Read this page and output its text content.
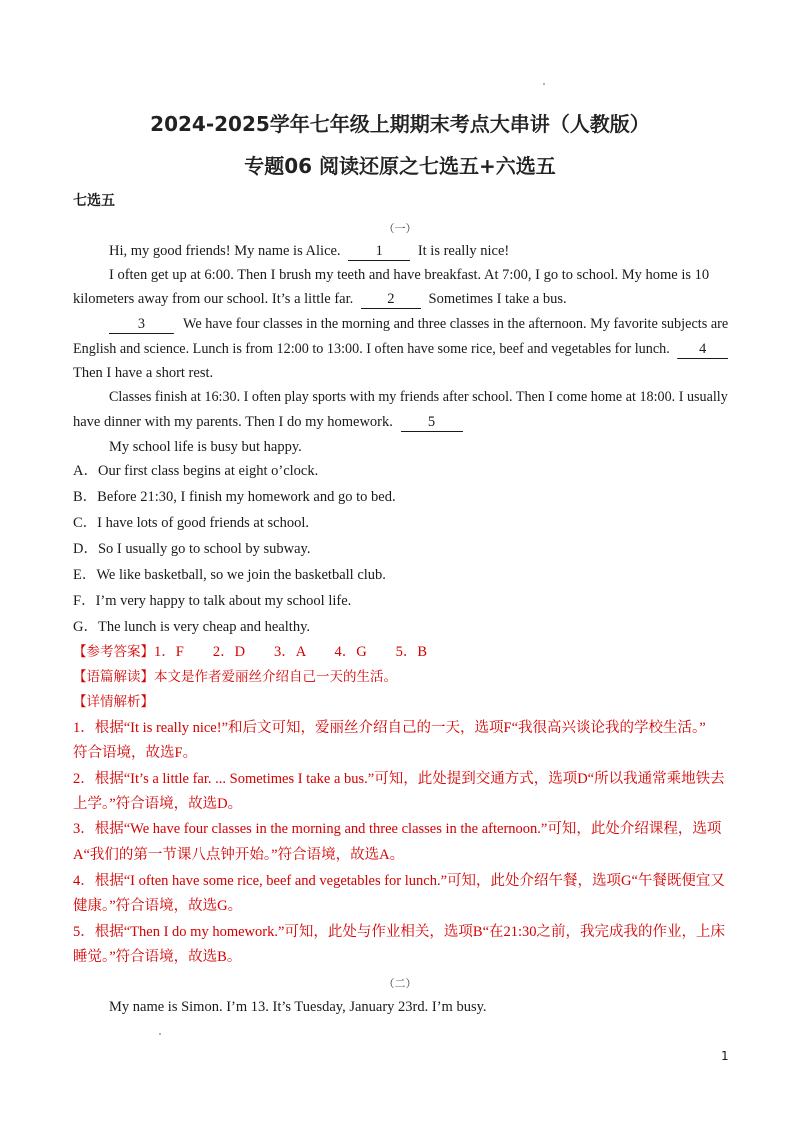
2024-2025学年七年级上期期末考点大串讲（人教版）
专题06 阅读还原之七选五+六选五
七选五
（一）
Hi, my good friends! My name is Alice. 1 It is really nice!
I often get up at 6:00. Then I brush my teeth and have breakfast. At 7:00, I go to school. My home is 10
kilometers away from our school. It’s a little far. 2 Sometimes I take a bus.
3	We have four classes in the morning and three classes in the afternoon. My favorite subjects are
English and science. Lunch is from 12:00 to 13:00. I often have some rice, beef and vegetables for lunch. 4
Then I have a short rest.
Classes finish at 16:30. I often play sports with my friends after school. Then I come home at 18:00. I usually
have dinner with my parents. Then I do my homework. 5
My school life is busy but happy.
A．Our first class begins at eight o’clock.
B．Before 21:30, I finish my homework and go to bed.
C．I have lots of good friends at school.
D．So I usually go to school by subway.
E．We like basketball, so we join the basketball club.
F．I’m very happy to talk about my school life.
G．The lunch is very cheap and healthy.
【参考答案】1．F　　2．D　　3．A　　4．G　　5．B
【语篇解读】本文是作者爱丽丝介绍自己一天的生活。
【详情解析】
1．根据“It is really nice!”和后文可知，爱丽丝介绍自己的一天，选项F“我很高兴谈论我的学校生活。”
符合语境，故选F。
2．根据“It’s a little far. ... Sometimes I take a bus.”可知，此处提到交通方式，选项D“所以我通常乘地铁去
上学。”符合语境，故选D。
3．根据“We have four classes in the morning and three classes in the afternoon.”可知，此处介绍课程，选项
A“我们的第一节课八点钟开始。”符合语境，故选A。
4．根据“I often have some rice, beef and vegetables for lunch.”可知，此处介绍午餐，选项G“午餐既便宜又
健康。”符合语境，故选G。
5．根据“Then I do my homework.”可知，此处与作业相关，选项B“在21:30之前，我完成我的作业，上床
睡觉。”符合语境，故选B。
（二）
My name is Simon. I’m 13. It’s Tuesday, January 23rd. I’m busy.
1
